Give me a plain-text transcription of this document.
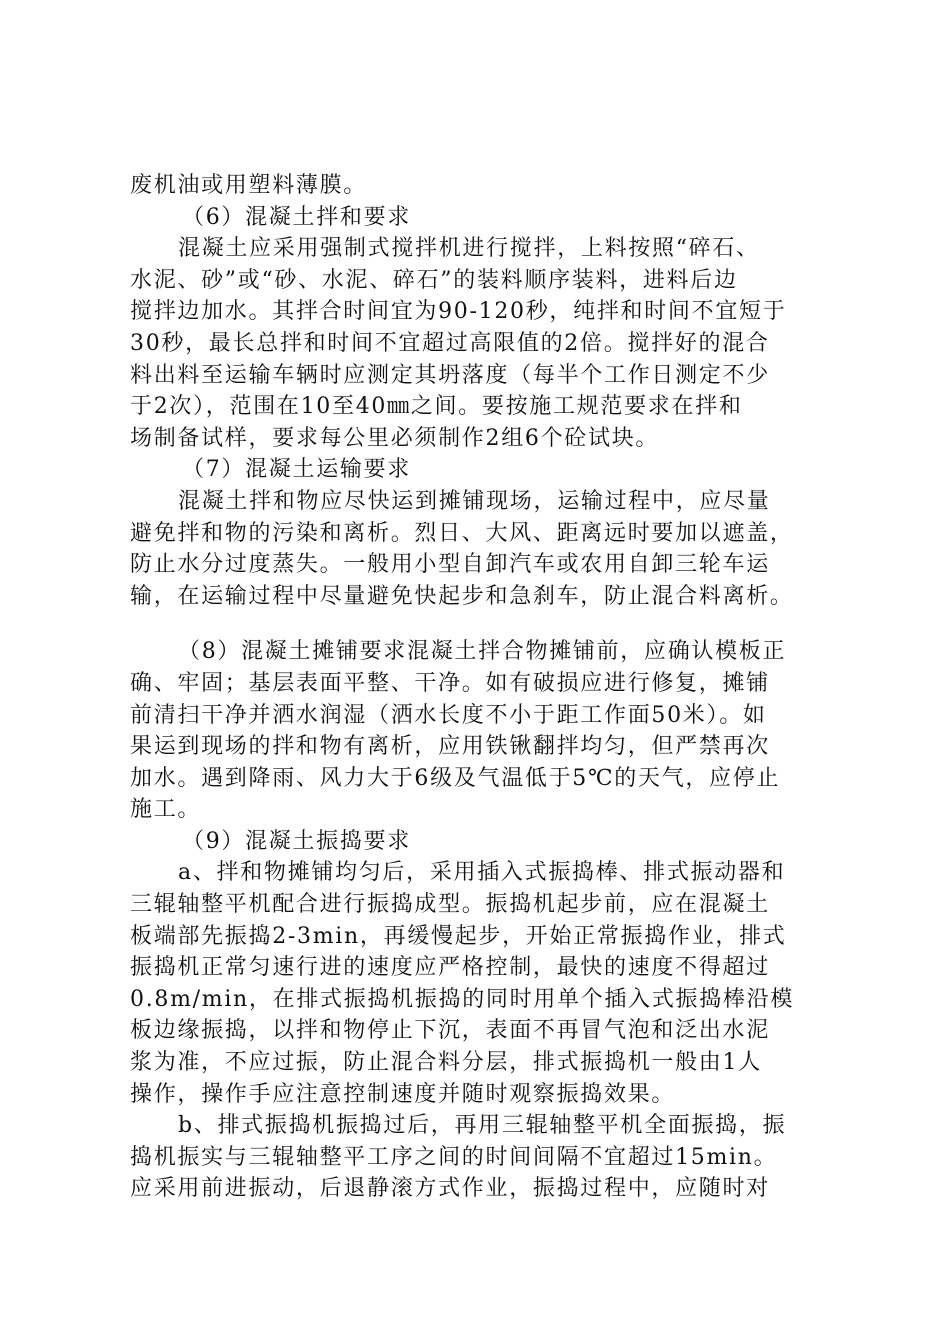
废机油或用塑料薄膜。
（6）混凝土拌和要求
混凝土应采用强制式搅拌机进行搅拌，上料按照“碎石、
水泥、砂”或“砂、水泥、碎石”的装料顺序装料，进料后边
搅拌边加水。其拌合时间宜为90-120秒，纯拌和时间不宜短于
30秒，最长总拌和时间不宜超过高限值的2倍。搅拌好的混合
料出料至运输车辆时应测定其坍落度（每半个工作日测定不少
于2次），范围在10至40㎜之间。要按施工规范要求在拌和
场制备试样，要求每公里必须制作2组6个砼试块。
（7）混凝土运输要求
混凝土拌和物应尽快运到摊铺现场，运输过程中，应尽量
避免拌和物的污染和离析。烈日、大风、距离远时要加以遮盖，
防止水分过度蒸失。一般用小型自卸汽车或农用自卸三轮车运
输，在运输过程中尽量避免快起步和急刹车，防止混合料离析。
（8）混凝土摊铺要求混凝土拌合物摊铺前，应确认模板正
确、牢固；基层表面平整、干净。如有破损应进行修复，摊铺
前清扫干净并洒水润湿（洒水长度不小于距工作面50米）。如
果运到现场的拌和物有离析，应用铁锹翻拌均匀，但严禁再次
加水。遇到降雨、风力大于6级及气温低于5℃的天气，应停止
施工。
（9）混凝土振捣要求
a、拌和物摊铺均匀后，采用插入式振捣棒、排式振动器和
三辊轴整平机配合进行振捣成型。振捣机起步前，应在混凝土
板端部先振捣2-3min，再缓慢起步，开始正常振捣作业，排式
振捣机正常匀速行进的速度应严格控制，最快的速度不得超过
0.8m/min，在排式振捣机振捣的同时用单个插入式振捣棒沿模
板边缘振捣，以拌和物停止下沉，表面不再冒气泡和泛出水泥
浆为准，不应过振，防止混合料分层，排式振捣机一般由1人
操作，操作手应注意控制速度并随时观察振捣效果。
b、排式振捣机振捣过后，再用三辊轴整平机全面振捣，振
捣机振实与三辊轴整平工序之间的时间间隔不宜超过15min。
应采用前进振动，后退静滚方式作业，振捣过程中，应随时对
